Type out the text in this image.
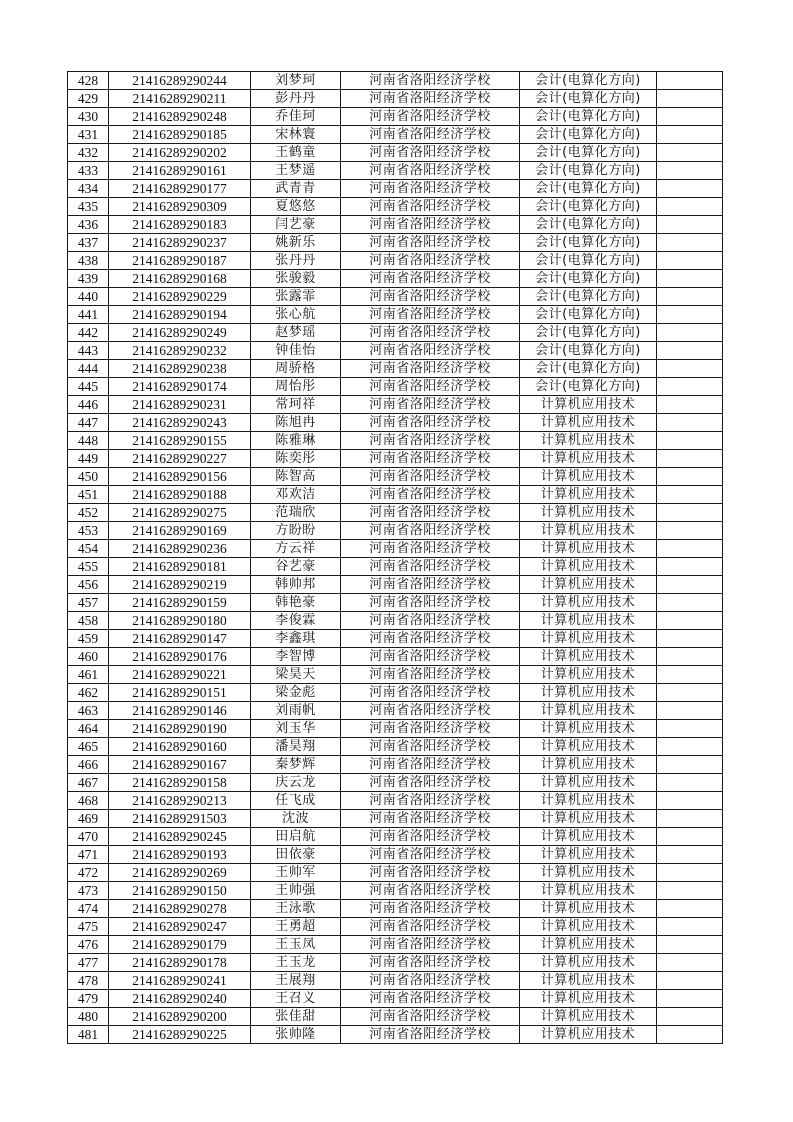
428	21416289290244	刘梦珂	河南省洛阳经济学校	会计(电算化方向)	
429	21416289290211	彭丹丹	河南省洛阳经济学校	会计(电算化方向)	
430	21416289290248	乔佳珂	河南省洛阳经济学校	会计(电算化方向)	
431	21416289290185	宋林寰	河南省洛阳经济学校	会计(电算化方向)	
432	21416289290202	王鹤童	河南省洛阳经济学校	会计(电算化方向)	
433	21416289290161	王梦遥	河南省洛阳经济学校	会计(电算化方向)	
434	21416289290177	武青青	河南省洛阳经济学校	会计(电算化方向)	
435	21416289290309	夏悠悠	河南省洛阳经济学校	会计(电算化方向)	
436	21416289290183	闫艺豪	河南省洛阳经济学校	会计(电算化方向)	
437	21416289290237	姚新乐	河南省洛阳经济学校	会计(电算化方向)	
438	21416289290187	张丹丹	河南省洛阳经济学校	会计(电算化方向)	
439	21416289290168	张骏毅	河南省洛阳经济学校	会计(电算化方向)	
440	21416289290229	张露霏	河南省洛阳经济学校	会计(电算化方向)	
441	21416289290194	张心航	河南省洛阳经济学校	会计(电算化方向)	
442	21416289290249	赵梦瑶	河南省洛阳经济学校	会计(电算化方向)	
443	21416289290232	钟佳怡	河南省洛阳经济学校	会计(电算化方向)	
444	21416289290238	周骄格	河南省洛阳经济学校	会计(电算化方向)	
445	21416289290174	周怡彤	河南省洛阳经济学校	会计(电算化方向)	
446	21416289290231	常珂祥	河南省洛阳经济学校	计算机应用技术	
447	21416289290243	陈旭冉	河南省洛阳经济学校	计算机应用技术	
448	21416289290155	陈雅琳	河南省洛阳经济学校	计算机应用技术	
449	21416289290227	陈奕彤	河南省洛阳经济学校	计算机应用技术	
450	21416289290156	陈智高	河南省洛阳经济学校	计算机应用技术	
451	21416289290188	邓欢洁	河南省洛阳经济学校	计算机应用技术	
452	21416289290275	范瑞欣	河南省洛阳经济学校	计算机应用技术	
453	21416289290169	方盼盼	河南省洛阳经济学校	计算机应用技术	
454	21416289290236	方云祥	河南省洛阳经济学校	计算机应用技术	
455	21416289290181	谷艺豪	河南省洛阳经济学校	计算机应用技术	
456	21416289290219	韩帅邦	河南省洛阳经济学校	计算机应用技术	
457	21416289290159	韩艳豪	河南省洛阳经济学校	计算机应用技术	
458	21416289290180	李俊霖	河南省洛阳经济学校	计算机应用技术	
459	21416289290147	李鑫琪	河南省洛阳经济学校	计算机应用技术	
460	21416289290176	李智博	河南省洛阳经济学校	计算机应用技术	
461	21416289290221	梁昊天	河南省洛阳经济学校	计算机应用技术	
462	21416289290151	梁金彪	河南省洛阳经济学校	计算机应用技术	
463	21416289290146	刘雨帆	河南省洛阳经济学校	计算机应用技术	
464	21416289290190	刘玉华	河南省洛阳经济学校	计算机应用技术	
465	21416289290160	潘昊翔	河南省洛阳经济学校	计算机应用技术	
466	21416289290167	秦梦辉	河南省洛阳经济学校	计算机应用技术	
467	21416289290158	庆云龙	河南省洛阳经济学校	计算机应用技术	
468	21416289290213	任飞成	河南省洛阳经济学校	计算机应用技术	
469	21416289291503	沈波	河南省洛阳经济学校	计算机应用技术	
470	21416289290245	田启航	河南省洛阳经济学校	计算机应用技术	
471	21416289290193	田依豪	河南省洛阳经济学校	计算机应用技术	
472	21416289290269	王帅军	河南省洛阳经济学校	计算机应用技术	
473	21416289290150	王帅强	河南省洛阳经济学校	计算机应用技术	
474	21416289290278	王泳歌	河南省洛阳经济学校	计算机应用技术	
475	21416289290247	王勇超	河南省洛阳经济学校	计算机应用技术	
476	21416289290179	王玉凤	河南省洛阳经济学校	计算机应用技术	
477	21416289290178	王玉龙	河南省洛阳经济学校	计算机应用技术	
478	21416289290241	王展翔	河南省洛阳经济学校	计算机应用技术	
479	21416289290240	王召义	河南省洛阳经济学校	计算机应用技术	
480	21416289290200	张佳甜	河南省洛阳经济学校	计算机应用技术	
481	21416289290225	张帅隆	河南省洛阳经济学校	计算机应用技术	
